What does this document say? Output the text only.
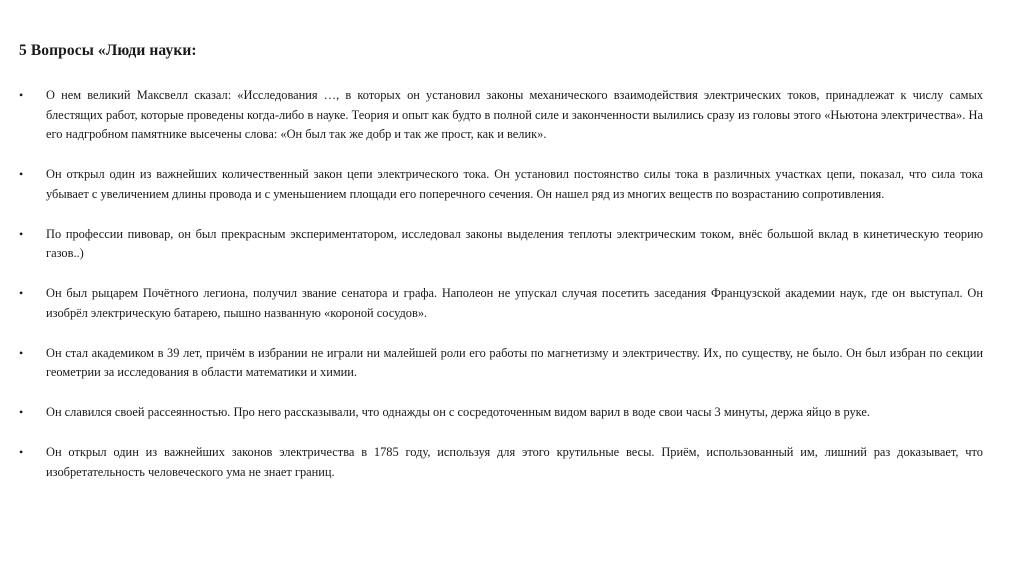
5 Вопросы «Люди науки:
• О нем великий Максвелл сказал: «Исследования …, в которых он установил законы механического взаимодействия электрических токов, принадлежат к числу самых блестящих работ, которые проведены когда-либо в науке. Теория и опыт как будто в полной силе и законченности вылились сразу из головы этого «Ньютона электричества». На его надгробном памятнике высечены слова: «Он был так же добр и так же прост, как и велик».
• Он открыл один из важнейших количественный закон цепи электрического тока. Он установил постоянство силы тока в различных участках цепи, показал, что сила тока убывает с увеличением длины провода и с уменьшением площади его поперечного сечения. Он нашел ряд из многих веществ по возрастанию сопротивления.
• По профессии пивовар, он был прекрасным экспериментатором, исследовал законы выделения теплоты электрическим током, внёс большой вклад в кинетическую теорию газов..)
• Он был рыцарем Почётного легиона, получил звание сенатора и графа. Наполеон не упускал случая посетить заседания Французской академии наук, где он выступал. Он изобрёл электрическую батарею, пышно названную «короной сосудов».
• Он стал академиком в 39 лет, причём в избрании не играли ни малейшей роли его работы по магнетизму и электричеству. Их, по существу, не было. Он был избран по секции геометрии за исследования в области математики и химии.
• Он славился своей рассеянностью. Про него рассказывали, что однажды он с сосредоточенным видом варил в воде свои часы 3 минуты, держа яйцо в руке.
• Он открыл один из важнейших законов электричества в 1785 году, используя для этого крутильные весы. Приём, использованный им, лишний раз доказывает, что изобретательность человеческого ума не знает границ.
